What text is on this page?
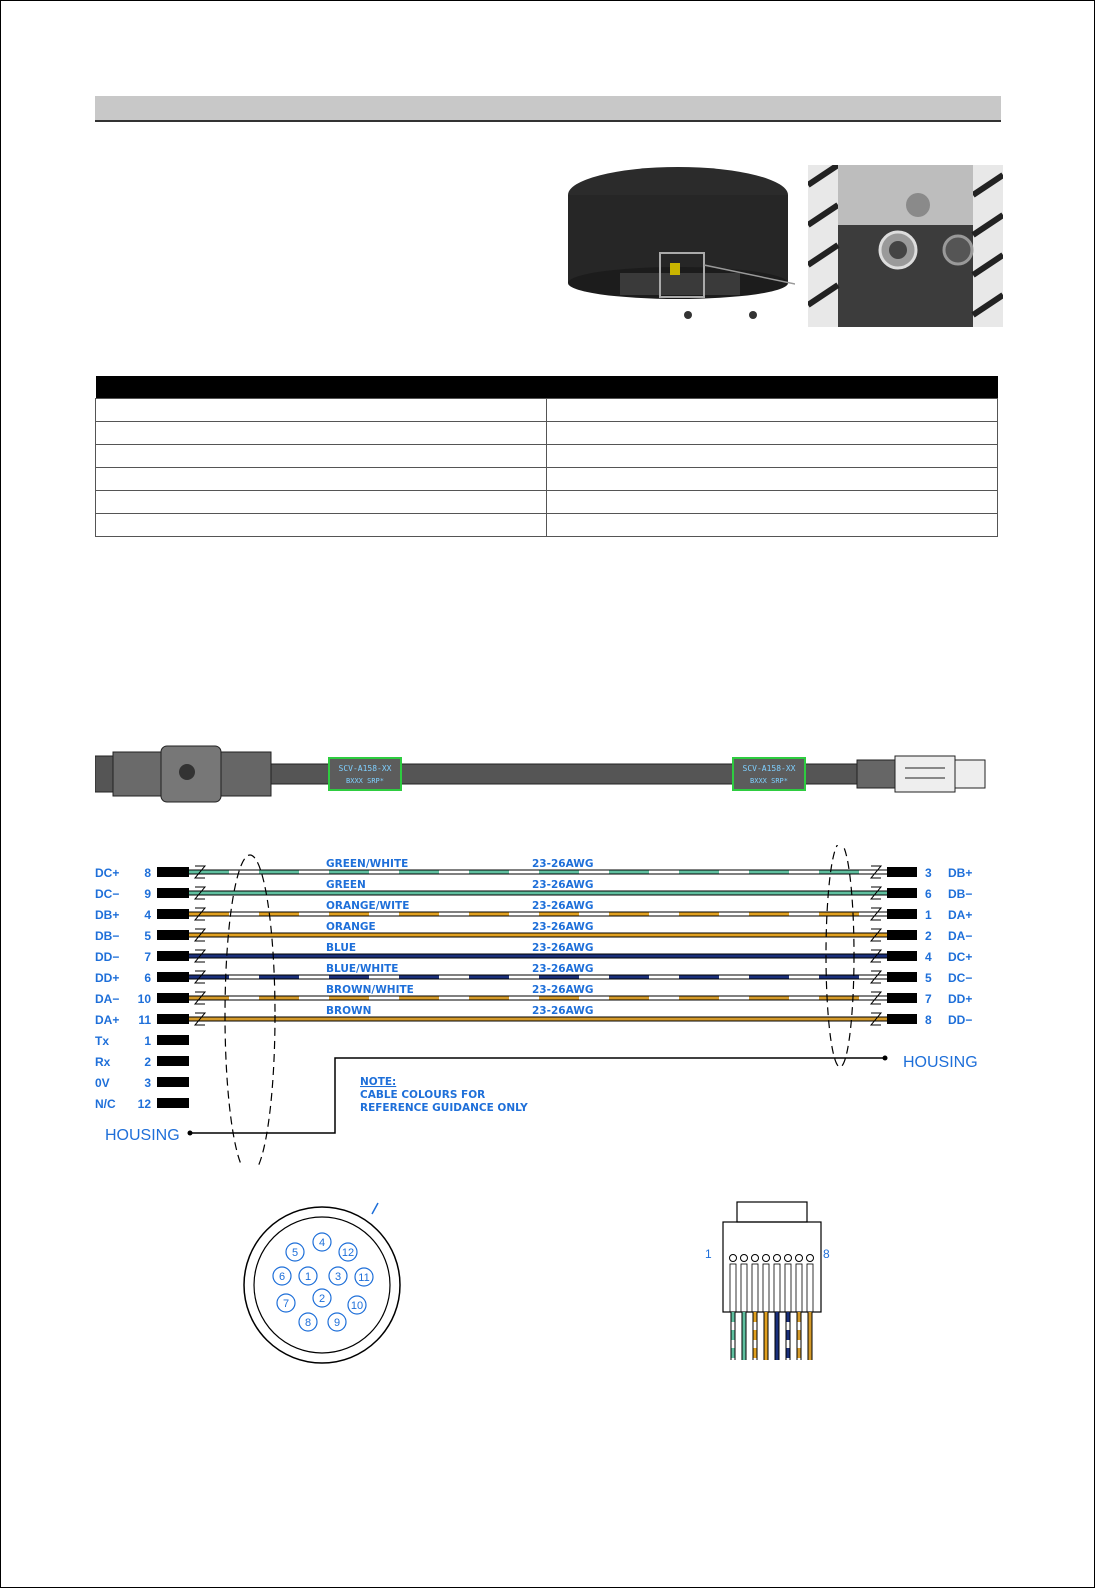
SCV-A158-XX
BXXX SRP*
SCV-A158-XX
BXXX SRP*
DC+ 8
DC− 9
DB+ 4
DB− 5
DD− 7
DD+ 6
DA− 10
DA+ 11
Tx	1
Rx	2
0V	3
N/C 12
3 DB+
6 DB−
1 DA+
2 DA−
4 DC+
5 DC−
7 DD+
8 DD−
GREEN/WHITE	23-26AWG
GREEN	23-26AWG
ORANGE/WITE	23-26AWG
ORANGE	23-26AWG
BLUE	23-26AWG
BLUE/WHITE	23-26AWG
BROWN/WHITE	23-26AWG
BROWN	23-26AWG
HOUSING
HOUSING
NOTE:
CABLE COLOURS FOR
REFERENCE GUIDANCE ONLY
1
2
3
4
5
6
7
8 9
10
11
12	1	8
